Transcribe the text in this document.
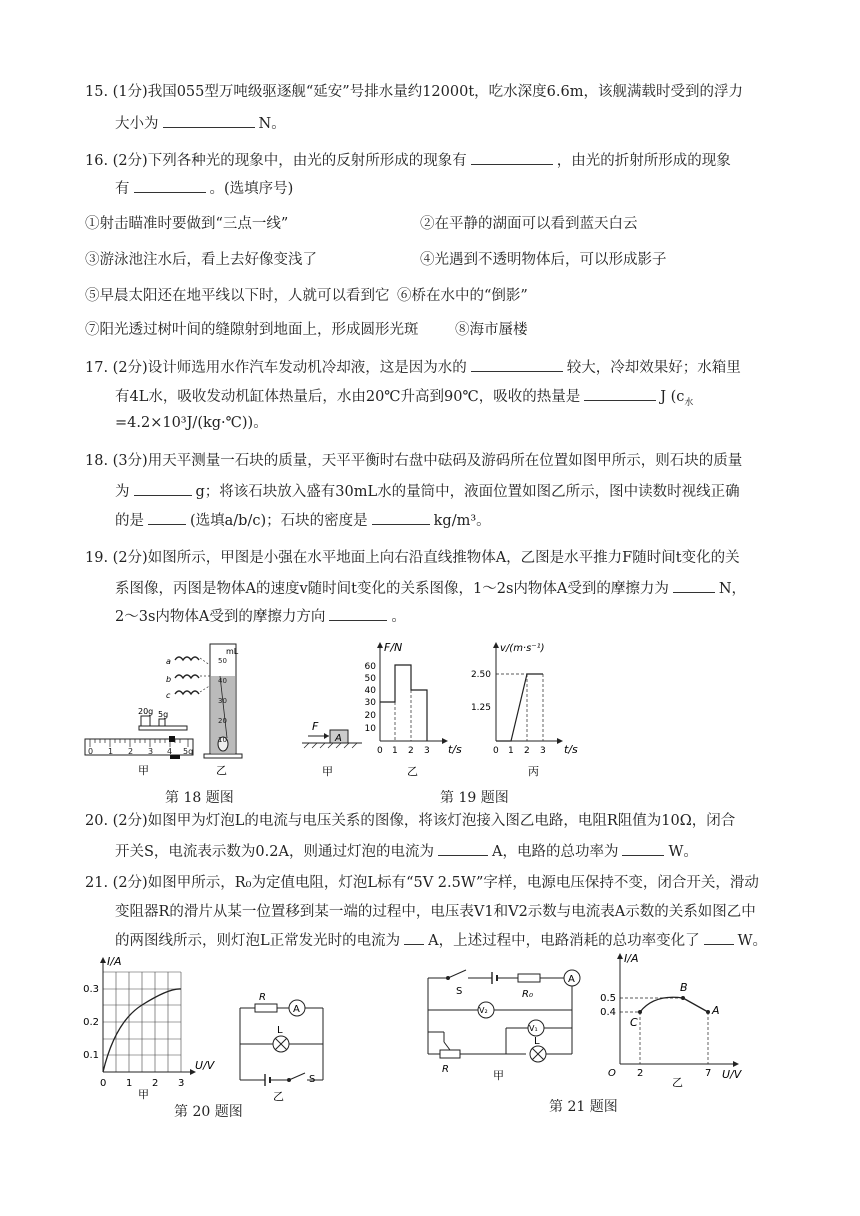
15. (1分)我国055型万吨级驱逐舰“延安”号排水量约12000t，吃水深度6.6m，该舰满载时受到的浮力
大小为	N。
16. (2分)下列各种光的现象中，由光的反射所形成的现象有	，由光的折射所形成的现象
有	。(选填序号)
①射击瞄准时要做到“三点一线”	②在平静的湖面可以看到蓝天白云
③游泳池注水后，看上去好像变浅了	④光遇到不透明物体后，可以形成影子
⑤早晨太阳还在地平线以下时，人就可以看到它 ⑥桥在水中的“倒影”
⑦阳光透过树叶间的缝隙射到地面上，形成圆形光斑	⑧海市蜃楼
17. (2分)设计师选用水作汽车发动机冷却液，这是因为水的	较大，冷却效果好；水箱里
有4L水，吸收发动机缸体热量后，水由20℃升高到90℃，吸收的热量是	J ($c_水$
=4.2×10³J/(kg·℃))。
18. (3分)用天平测量一石块的质量，天平平衡时右盘中砝码及游码所在位置如图甲所示，则石块的质量
为	g；将该石块放入盛有30mL水的量筒中，液面位置如图乙所示，图中读数时视线正确
的是	(选填a/b/c)；石块的密度是	kg/m³。
19. (2分)如图所示，甲图是小强在水平地面上向右沿直线推物体A，乙图是水平推力F随时间t变化的关
系图像，丙图是物体A的速度v随时间t变化的关系图像，1～2s内物体A受到的摩擦力为	N，
2～3s内物体A受到的摩擦力方向	。
0 1 2 3 4 5g
20g 5g
a
b
c
mL
50
40
30
20
10
甲	乙
第 18 题图
A
F
甲
F/N
60
50
40
30
20
10
0 1 2 3 t/s
乙
v/(m·s⁻¹)
2.50
1.25
0 1 2 3 t/s
丙
第 19 题图
20. (2分)如图甲为灯泡L的电流与电压关系的图像，将该灯泡接入图乙电路，电阻R阻值为10Ω，闭合
开关S，电流表示数为0.2A，则通过灯泡的电流为	A，电路的总功率为	W。
21. (2分)如图甲所示，R₀为定值电阻，灯泡L标有“5V 2.5W”字样，电源电压保持不变，闭合开关，滑动
变阻器R的滑片从某一位置移到某一端的过程中，电压表V1和V2示数与电流表A示数的关系如图乙中
的两图线所示，则灯泡L正常发光时的电流为 A，上述过程中，电路消耗的总功率变化了	W。
I/A
0.3
0.2
0.1
0 1 2 3
U/V
甲
R
A
L
S
乙
第 20 题图
S	R₀
A
V₂
V₁
L
R	甲
I/A
0.5
0.4
B
C
A
O 2	7 U/V
乙
第 21 题图
